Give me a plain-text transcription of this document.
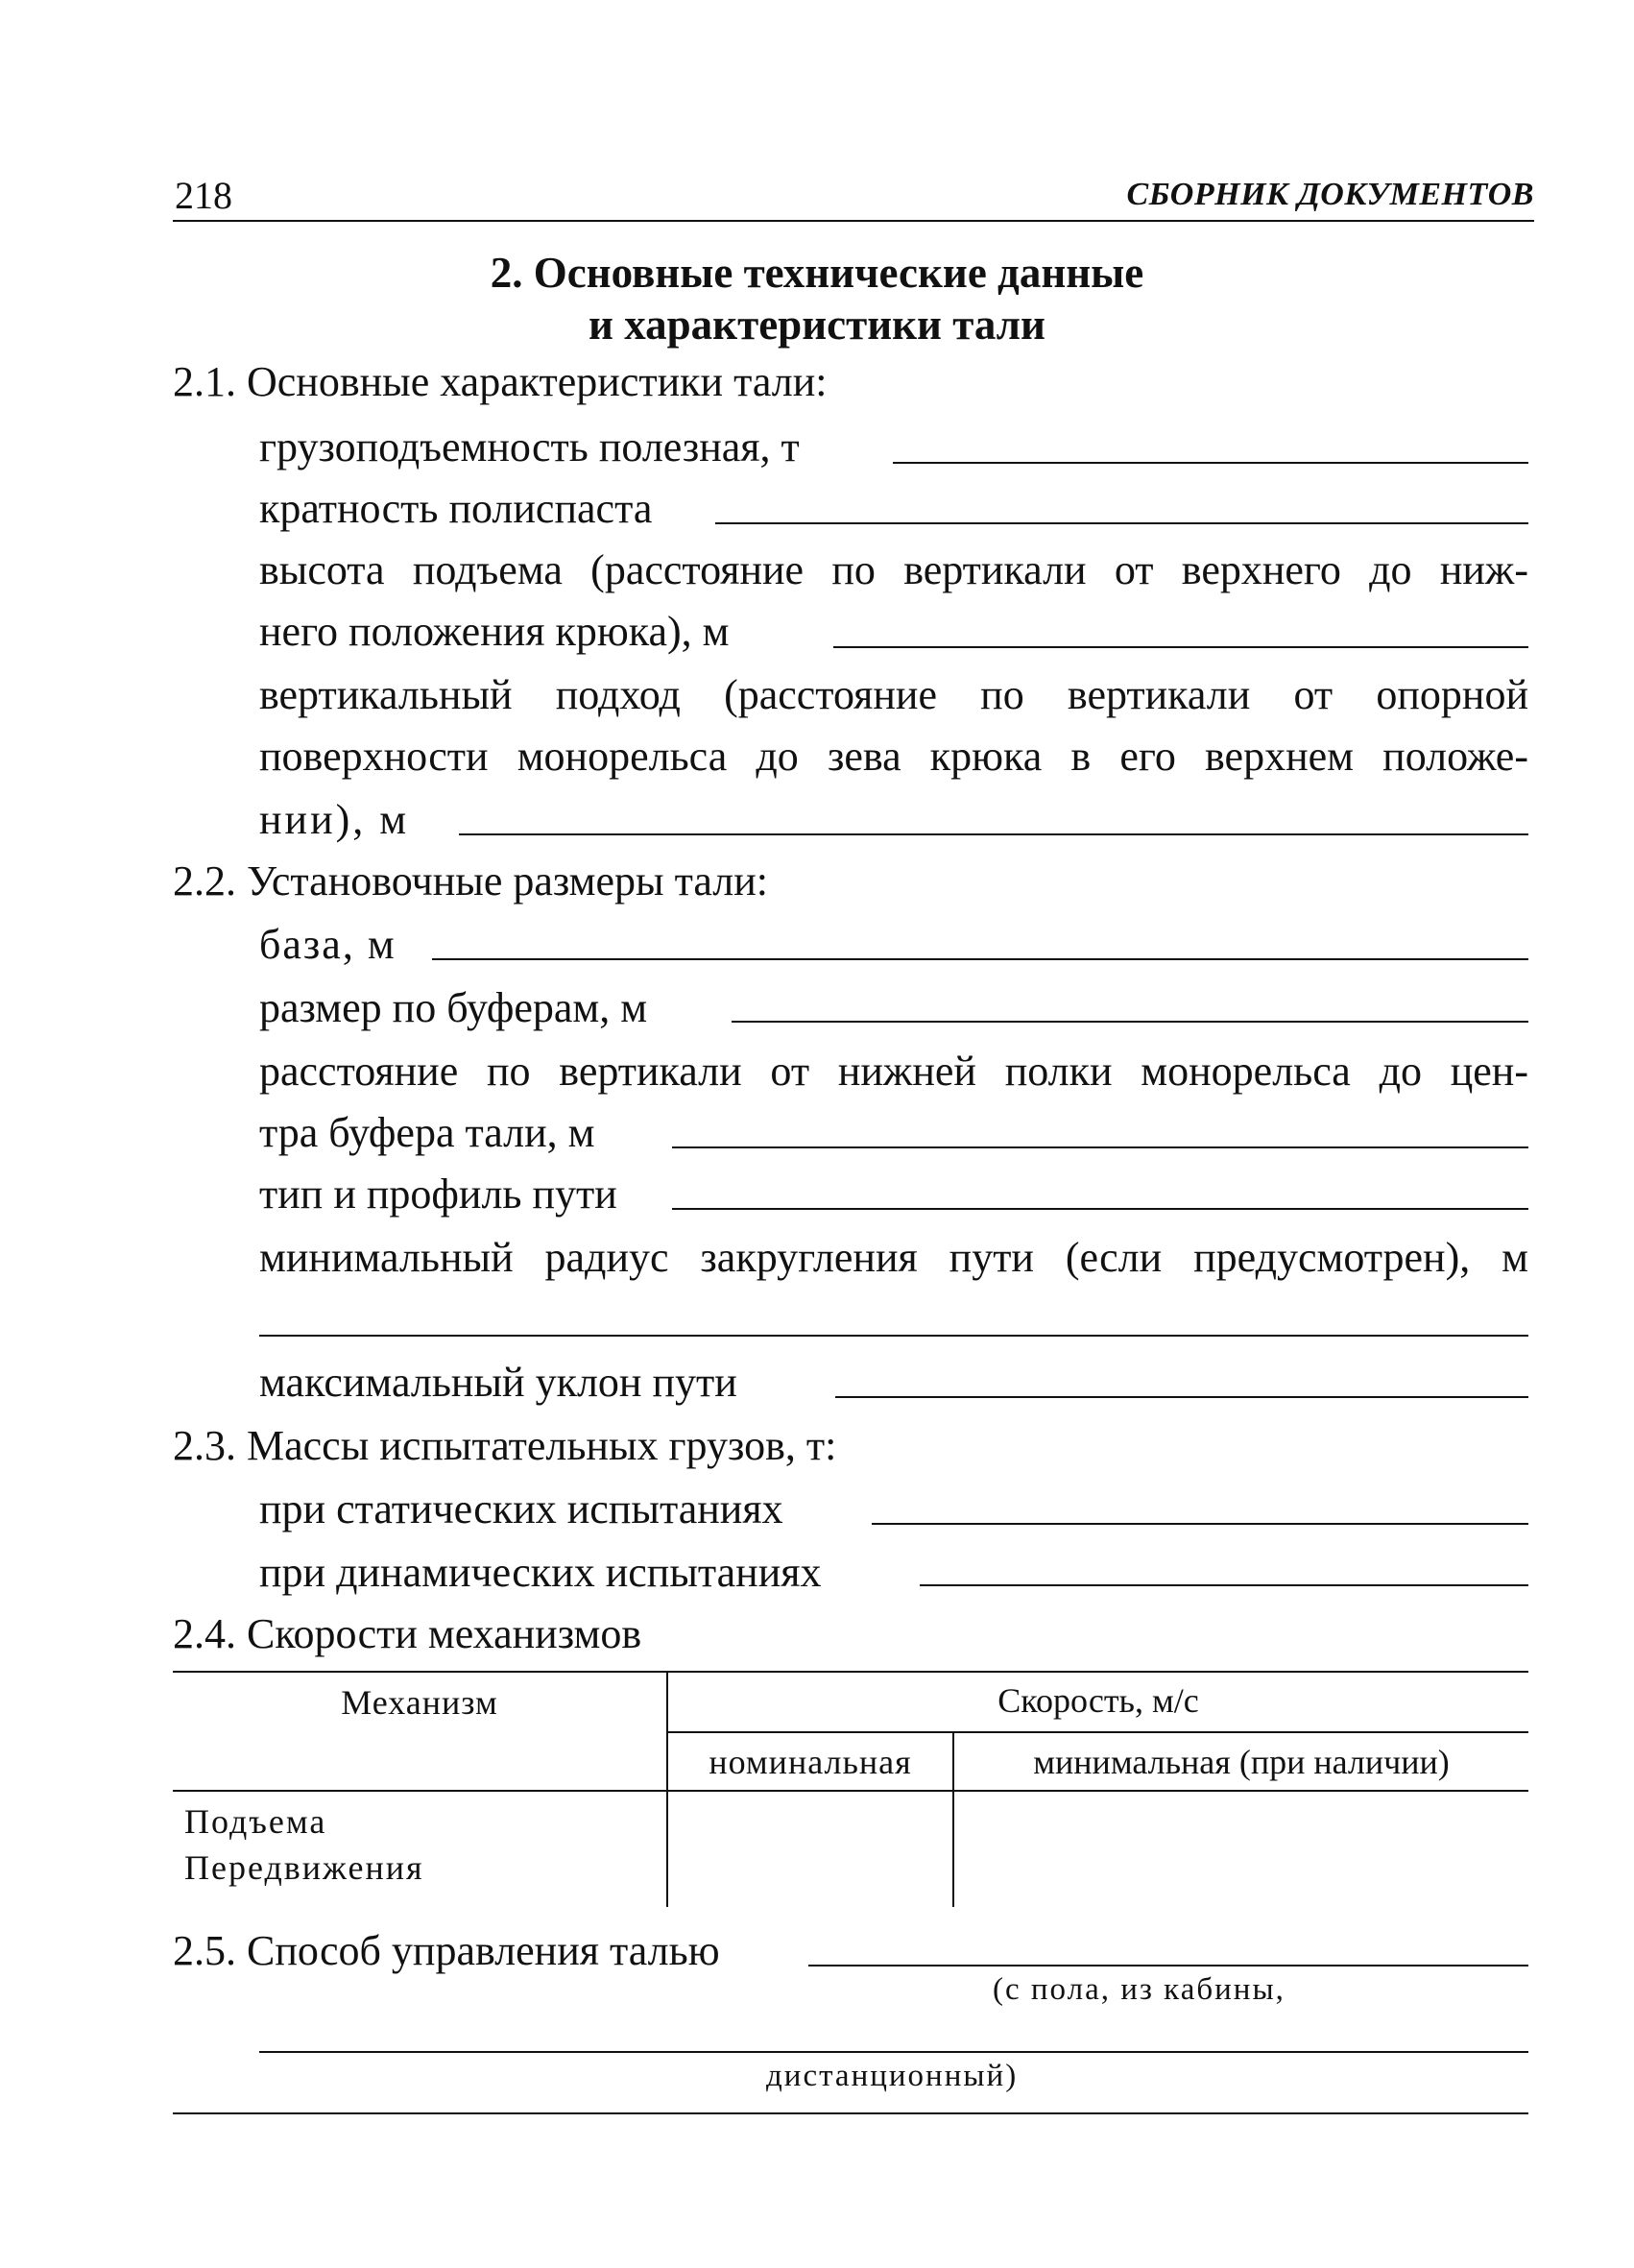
218	СБОРНИК ДОКУМЕНТОВ
2. Основные технические данные
и характеристики тали
2.1. Основные характеристики тали:
грузоподъемность полезная, т
кратность полиспаста
высота подъема (расстояние по вертикали от верхнего до ниж-
него положения крюка), м
вертикальный подход (расстояние по вертикали от опорной
поверхности монорельса до зева крюка в его верхнем положе-
нии), м
2.2. Установочные размеры тали:
база, м
размер по буферам, м
расстояние по вертикали от нижней полки монорельса до цен-
тра буфера тали, м
тип и профиль пути
минимальный радиус закругления пути (если предусмотрен), м
максимальный уклон пути
2.3. Массы испытательных грузов, т:
при статических испытаниях
при динамических испытаниях
2.4. Скорости механизмов
Механизм	Скорость, м/с
номинальная	минимальная (при наличии)
Подъема
Передвижения
2.5. Способ управления талью
(с пола, из кабины,
дистанционный)
